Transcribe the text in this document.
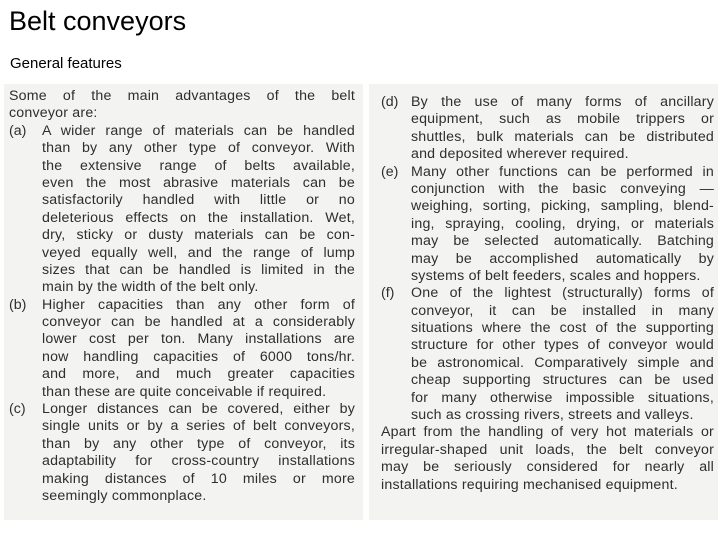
Belt conveyors
General features
Some of the main advantages of the belt
conveyor are:
(a) A wider range of materials can be handled
than by any other type of conveyor. With
the extensive range of belts available,
even the most abrasive materials can be
satisfactorily handled with little or no
deleterious effects on the installation. Wet,
dry, sticky or dusty materials can be con-
veyed equally well, and the range of lump
sizes that can be handled is limited in the
main by the width of the belt only.
(b) Higher capacities than any other form of
conveyor can be handled at a considerably
lower cost per ton. Many installations are
now handling capacities of 6000 tons/hr.
and more, and much greater capacities
than these are quite conceivable if required.
(c) Longer distances can be covered, either by
single units or by a series of belt conveyors,
than by any other type of conveyor, its
adaptability for cross-country installations
making distances of 10 miles or more
seemingly commonplace.
(d) By the use of many forms of ancillary
equipment, such as mobile trippers or
shuttles, bulk materials can be distributed
and deposited wherever required.
(e) Many other functions can be performed in
conjunction with the basic conveying —
weighing, sorting, picking, sampling, blend-
ing, spraying, cooling, drying, or materials
may be selected automatically. Batching
may be accomplished automatically by
systems of belt feeders, scales and hoppers.
(f) One of the lightest (structurally) forms of
conveyor, it can be installed in many
situations where the cost of the supporting
structure for other types of conveyor would
be astronomical. Comparatively simple and
cheap supporting structures can be used
for many otherwise impossible situations,
such as crossing rivers, streets and valleys.
Apart from the handling of very hot materials or
irregular-shaped unit loads, the belt conveyor
may be seriously considered for nearly all
installations requiring mechanised equipment.
